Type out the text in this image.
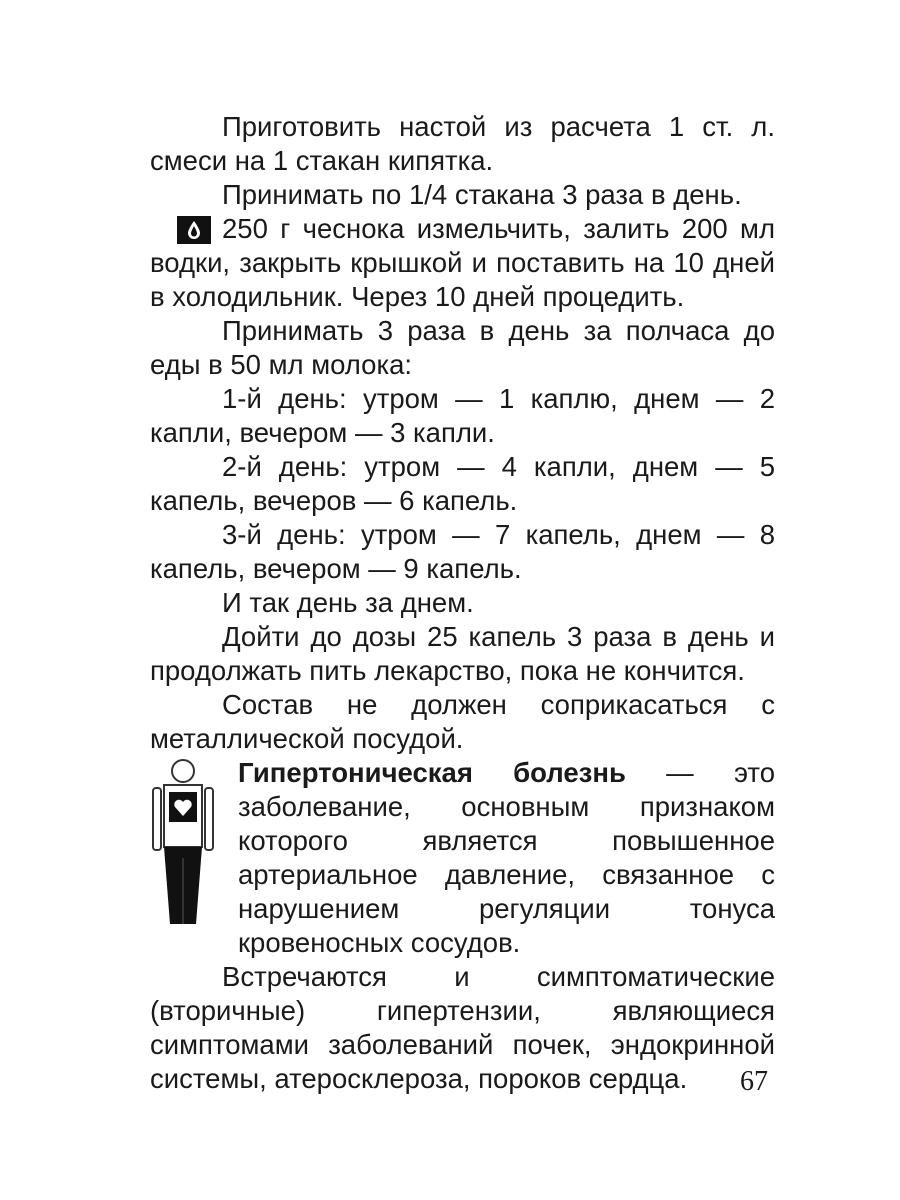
Приготовить настой из расчета 1 ст. л. смеси на 1 стакан кипятка.

Принимать по 1/4 стакана 3 раза в день.

250 г чеснока измельчить, залить 200 мл водки, закрыть крышкой и поставить на 10 дней в холодильник. Через 10 дней процедить.

Принимать 3 раза в день за полчаса до еды в 50 мл молока:

1-й день: утром — 1 каплю, днем — 2 капли, вечером — 3 капли.

2-й день: утром — 4 капли, днем — 5 капель, вечеров — 6 капель.

3-й день: утром — 7 капель, днем — 8 капель, вечером — 9 капель.

И так день за днем.

Дойти до дозы 25 капель 3 раза в день и продолжать пить лекарство, пока не кончится.

Состав не должен соприкасаться с металлической посудой.

Гипертоническая болезнь — это заболевание, основным признаком которого является повышенное артериальное давление, связанное с нарушением регуляции тонуса кровеносных сосудов.

Встречаются и симптоматические (вторичные) гипертензии, являющиеся симптомами заболеваний почек, эндокринной системы, атеросклероза, пороков сердца.	67
